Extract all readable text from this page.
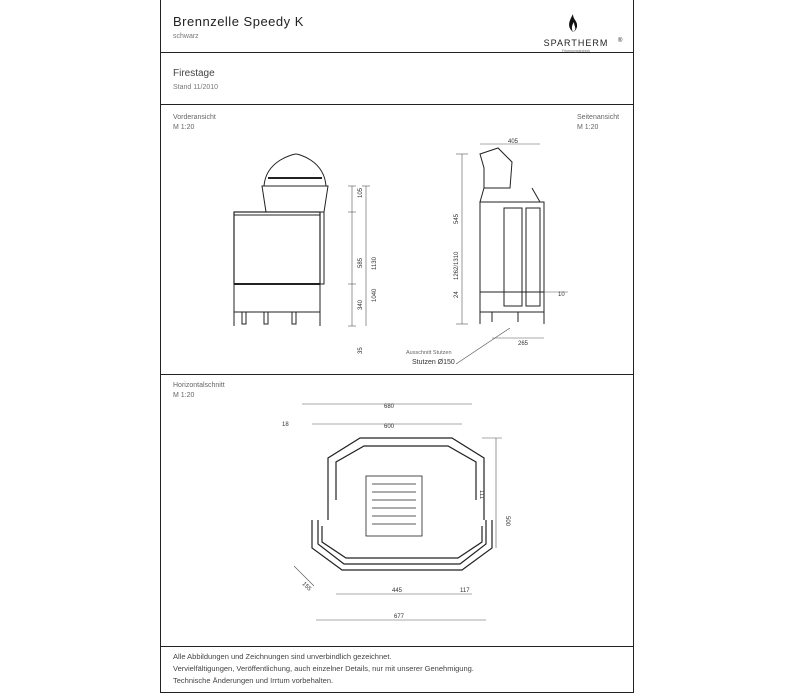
Brennzelle Speedy K
schwarz
Firestage
Stand 11/2010
Vorderansicht
M 1:20
Seitenansicht
M 1:20
Horizontalschnitt
M 1:20
Alle Abbildungen und Zeichnungen sind unverbindlich gezeichnet.
Vervielfältigungen, Veröffentlichung, auch einzelner Details, nur mit unserer Genehmigung.
Technische Änderungen und Irrtum vorbehalten.
SPARTHERM ®
Feuerungstechnik
105
585
340
1130
1040
35
405
545
1262/1310
24	10
265
Ausschnitt Stutzen
Stutzen Ø150
680
600
18
500
111
445	117
677
155
